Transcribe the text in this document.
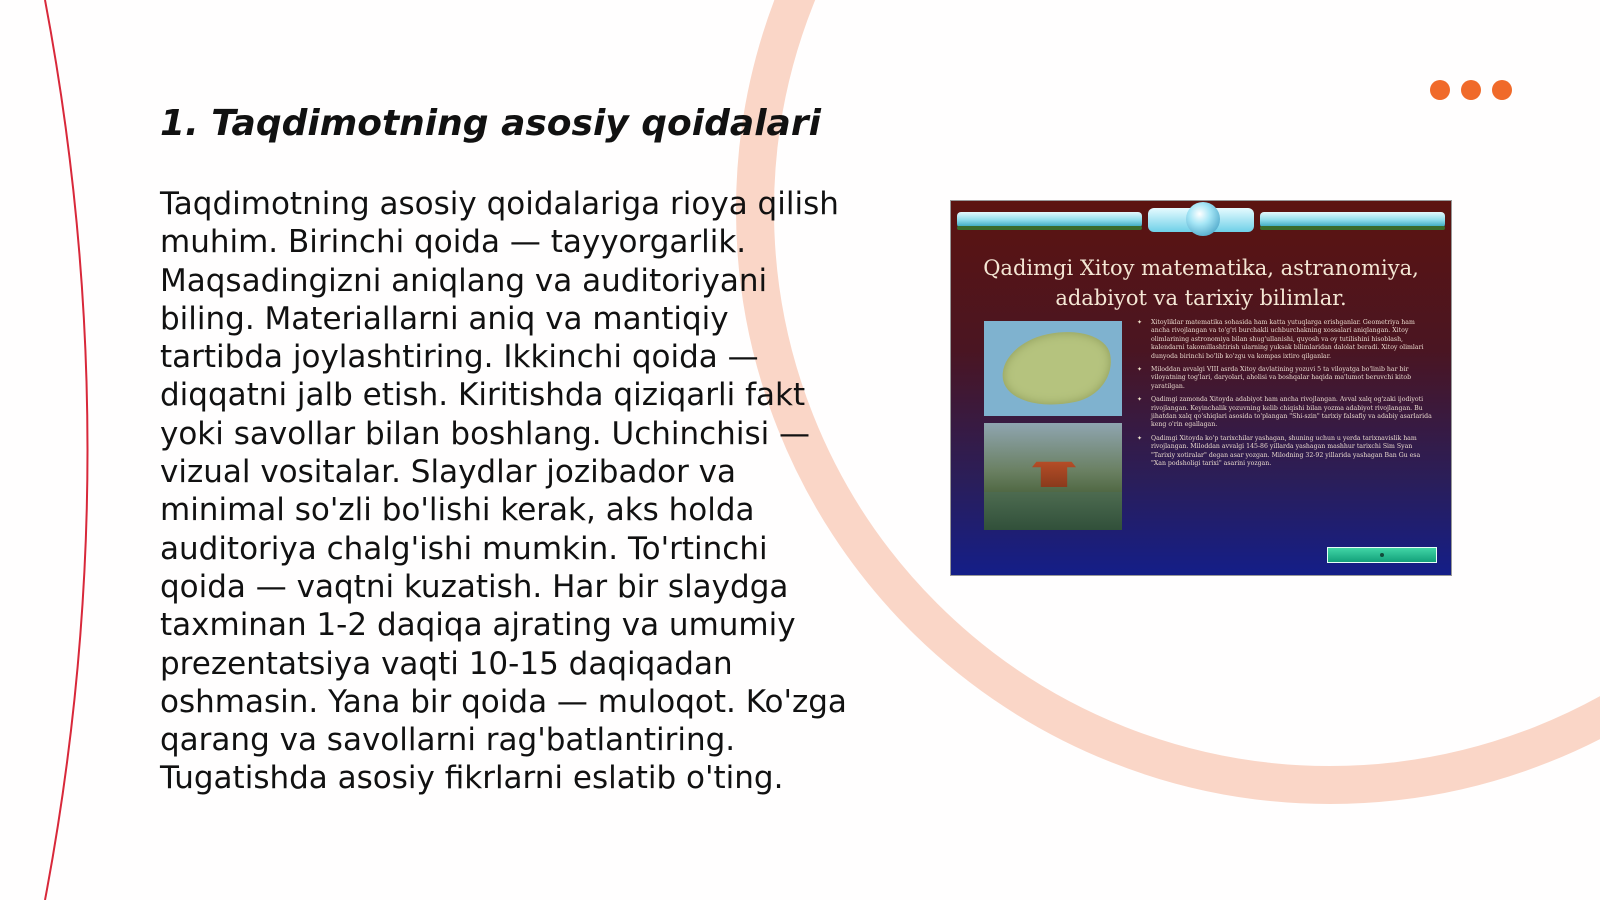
1. Taqdimotning asosiy qoidalari

Taqdimotning asosiy qoidalariga rioya qilish muhim. Birinchi qoida — tayyorgarlik. Maqsadingizni aniqlang va auditoriyani biling. Materiallarni aniq va mantiqiy tartibda joylashtiring. Ikkinchi qoida — diqqatni jalb etish. Kiritishda qiziqarli fakt yoki savollar bilan boshlang. Uchinchisi — vizual vositalar. Slaydlar jozibador va minimal so'zli bo'lishi kerak, aks holda auditoriya chalg'ishi mumkin. To'rtinchi qoida — vaqtni kuzatish. Har bir slaydga taxminan 1-2 daqiqa ajrating va umumiy prezentatsiya vaqti 10-15 daqiqadan oshmasin. Yana bir qoida — muloqot. Ko'zga qarang va savollarni rag'batlantiring. Tugatishda asosiy fikrlarni eslatib o'ting.

Qadimgi Xitoy matematika, astranomiya, adabiyot va tarixiy bilimlar.

✦ Xitoyliklar matematika sohasida ham katta yutuqlarga erishganlar. Geometriya ham ancha rivojlangan va to'g'ri burchakli uchburchakning xossalari aniqlangan. Xitoy olimlarining astronomiya bilan shug'ullanishi, quyosh va oy tutilishini hisoblash, kalendarni takomillashtirish ularning yuksak bilimlaridan dalolat beradi. Xitoy olimlari dunyoda birinchi bo'lib ko'zgu va kompas ixtiro qilganlar.
✦ Miloddan avvalgi VIII asrda Xitoy davlatining yozuvi 5 ta viloyatga bo'linib har bir viloyatning tog'lari, daryolari, aholisi va boshqalar haqida ma'lumot beruvchi kitob yaratilgan.
✦ Qadimgi zamonda Xitoyda adabiyot ham ancha rivojlangan. Avval xalq og'zaki ijodiyoti rivojlangan. Keyinchalik yozuvning kelib chiqishi bilan yozma adabiyot rivojlangan. Bu jihatdan xalq qo'shiqlari asosida to'plangan "Shi-szin" tarixiy falsafiy va adabiy asarlarida keng o'rin egallagan.
✦ Qadimgi Xitoyda ko'p tarixchilar yashagan, shuning uchun u yerda tarixnavislik ham rivojlangan. Miloddan avvalgi 145-86 yillarda yashagan mashhur tarixchi Sim Syan "Tarixiy xotiralar" degan asar yozgan. Milodning 32-92 yillarida yashagan Ban Gu esa "Xan podsholigi tarixi" asarini yozgan.
